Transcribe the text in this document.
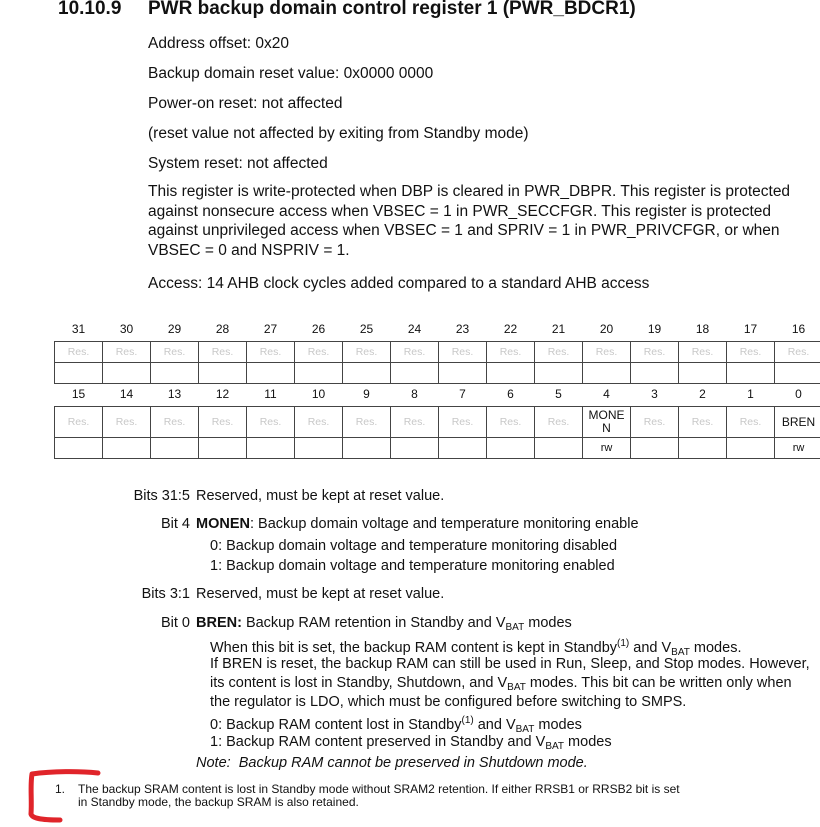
10.10.9 PWR backup domain control register 1 (PWR_BDCR1)
Address offset: 0x20
Backup domain reset value: 0x0000 0000
Power-on reset: not affected
(reset value not affected by exiting from Standby mode)
System reset: not affected
This register is write-protected when DBP is cleared in PWR_DBPR. This register is protected against nonsecure access when VBSEC = 1 in PWR_SECCFGR. This register is protected against unprivileged access when VBSEC = 1 and SPRIV = 1 in PWR_PRIVCFGR, or when VBSEC = 0 and NSPRIV = 1.
Access: 14 AHB clock cycles added compared to a standard AHB access
31	30	29	28	27	26	25	24	23	22	21	20	19	18	17	16
Res.	Res.	Res.	Res.	Res.	Res.	Res.	Res.	Res.	Res.	Res.	Res.	Res.	Res.	Res.	Res.

15	14	13	12	11	10	9	8	7	6	5	4	3	2	1	0
Res.	Res.	Res.	Res.	Res.	Res.	Res.	Res.	Res.	Res.	Res.	MONEN	Res.	Res.	Res.	BREN
											rw				rw
Bits 31:5 Reserved, must be kept at reset value.
Bit 4 MONEN: Backup domain voltage and temperature monitoring enable
0: Backup domain voltage and temperature monitoring disabled
1: Backup domain voltage and temperature monitoring enabled
Bits 3:1 Reserved, must be kept at reset value.
Bit 0 BREN: Backup RAM retention in Standby and $V_{BAT}$ modes
When this bit is set, the backup RAM content is kept in Standby$^{(1)}$ and $V_{BAT}$ modes.
If BREN is reset, the backup RAM can still be used in Run, Sleep, and Stop modes. However,
its content is lost in Standby, Shutdown, and $V_{BAT}$ modes. This bit can be written only when
the regulator is LDO, which must be configured before switching to SMPS.
0: Backup RAM content lost in Standby$^{(1)}$ and $V_{BAT}$ modes
1: Backup RAM content preserved in Standby and $V_{BAT}$ modes
Note: Backup RAM cannot be preserved in Shutdown mode.
1. The backup SRAM content is lost in Standby mode without SRAM2 retention. If either RRSB1 or RRSB2 bit is set
in Standby mode, the backup SRAM is also retained.
